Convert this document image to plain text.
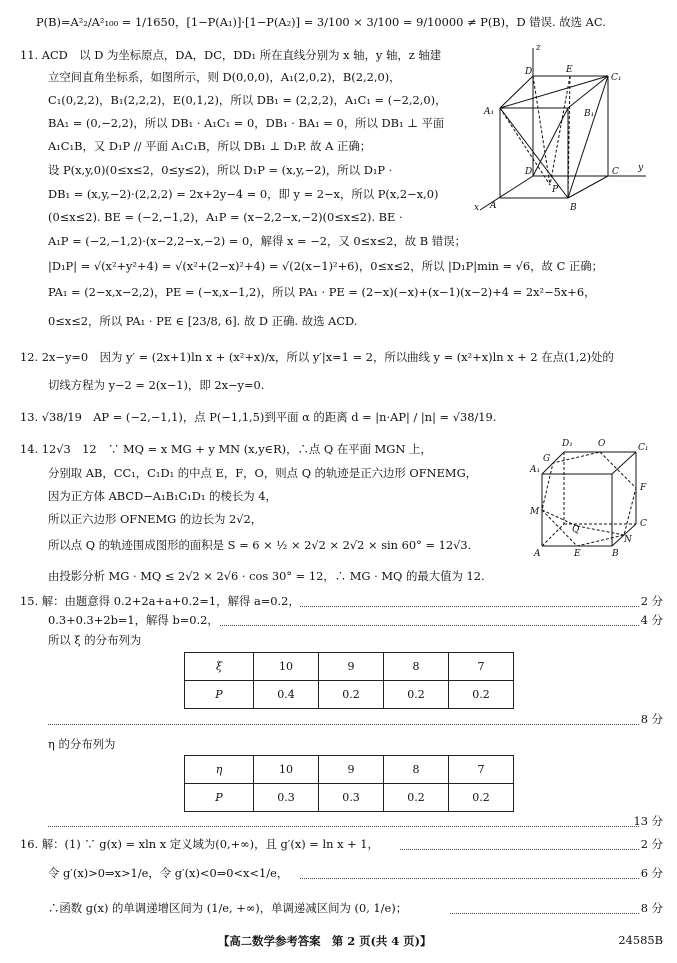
P(B)=A²₂/A²₁₀₀ = 1/1650，[1−P(A₁)]·[1−P(A₂)] = 3/100 × 3/100 = 9/10000 ≠ P(B)，D 错误. 故选 AC.
11. ACD　以 D 为坐标原点，DA，DC，DD₁ 所在直线分别为 x 轴，y 轴，z 轴建
立空间直角坐标系，如图所示，则 D(0,0,0)，A₁(2,0,2)，B(2,2,0)，
C₁(0,2,2)，B₁(2,2,2)，E(0,1,2)，所以 DB₁ = (2,2,2)，A₁C₁ = (−2,2,0)，
BA₁ = (0,−2,2)，所以 DB₁ · A₁C₁ = 0，DB₁ · BA₁ = 0，所以 DB₁ ⊥ 平面
A₁C₁B，又 D₁P // 平面 A₁C₁B，所以 DB₁ ⊥ D₁P. 故 A 正确；
设 P(x,y,0)(0≤x≤2，0≤y≤2)，所以 D₁P = (x,y,−2)，所以 D₁P ·
DB₁ = (x,y,−2)·(2,2,2) = 2x+2y−4 = 0，即 y = 2−x，所以 P(x,2−x,0)
(0≤x≤2). BE = (−2,−1,2)，A₁P = (x−2,2−x,−2)(0≤x≤2). BE ·
A₁P = (−2,−1,2)·(x−2,2−x,−2) = 0，解得 x = −2，又 0≤x≤2，故 B 错误；
|D₁P| = √(x²+y²+4) = √(x²+(2−x)²+4) = √(2(x−1)²+6)，0≤x≤2，所以 |D₁P|min = √6，故 C 正确；
PA₁ = (2−x,x−2,2)，PE = (−x,x−1,2)，所以 PA₁ · PE = (2−x)(−x)+(x−1)(x−2)+4 = 2x²−5x+6，
0≤x≤2，所以 PA₁ · PE ∈ [23/8, 6]. 故 D 正确. 故选 ACD.
12. 2x−y=0　因为 y′ = (2x+1)ln x + (x²+x)/x，所以 y′|x=1 = 2，所以曲线 y = (x²+x)ln x + 2 在点(1,2)处的
切线方程为 y−2 = 2(x−1)，即 2x−y=0.
13. √38/19　AP = (−2,−1,1)，点 P(−1,1,5)到平面 α 的距离 d = |n·AP| / |n| = √38/19.
14. 12√3　12　∵ MQ = x MG + y MN (x,y∈R)，∴点 Q 在平面 MGN 上，
分别取 AB，CC₁，C₁D₁ 的中点 E，F，O，则点 Q 的轨迹是正六边形 OFNEMG，
因为正方体 ABCD−A₁B₁C₁D₁ 的棱长为 4，
所以正六边形 OFNEMG 的边长为 2√2，
所以点 Q 的轨迹围成图形的面积是 S = 6 × ½ × 2√2 × 2√2 × sin 60° = 12√3.
由投影分析 MG · MQ ≤ 2√2 × 2√6 · cos 30° = 12，∴ MG · MQ 的最大值为 12.
15. 解：由题意得 0.2+2a+a+0.2=1，解得 a=0.2，	2 分
0.3+0.3+2b=1，解得 b=0.2，	4 分
所以 ξ 的分布列为
ξ	10	9	8	7
P	0.4	0.2	0.2	0.2
8 分
η 的分布列为
η	10	9	8	7
P	0.3	0.3	0.2	0.2
13 分
16. 解：(1) ∵ g(x) = xln x 定义域为(0,+∞)，且 g′(x) = ln x + 1，	2 分
令 g′(x)>0⇒x>1/e，令 g′(x)<0⇒0<x<1/e，	6 分
∴函数 g(x) 的单调递增区间为 (1/e, +∞)，单调递减区间为 (0, 1/e)；	8 分
z
D	E
C₁
A₁	B₁
D
P
C y
x A	B
D₁	O	C₁
A₁
G
F
M
Q
N
C
A	E	B
【高二数学参考答案　第 2 页(共 4 页)】	24585B
